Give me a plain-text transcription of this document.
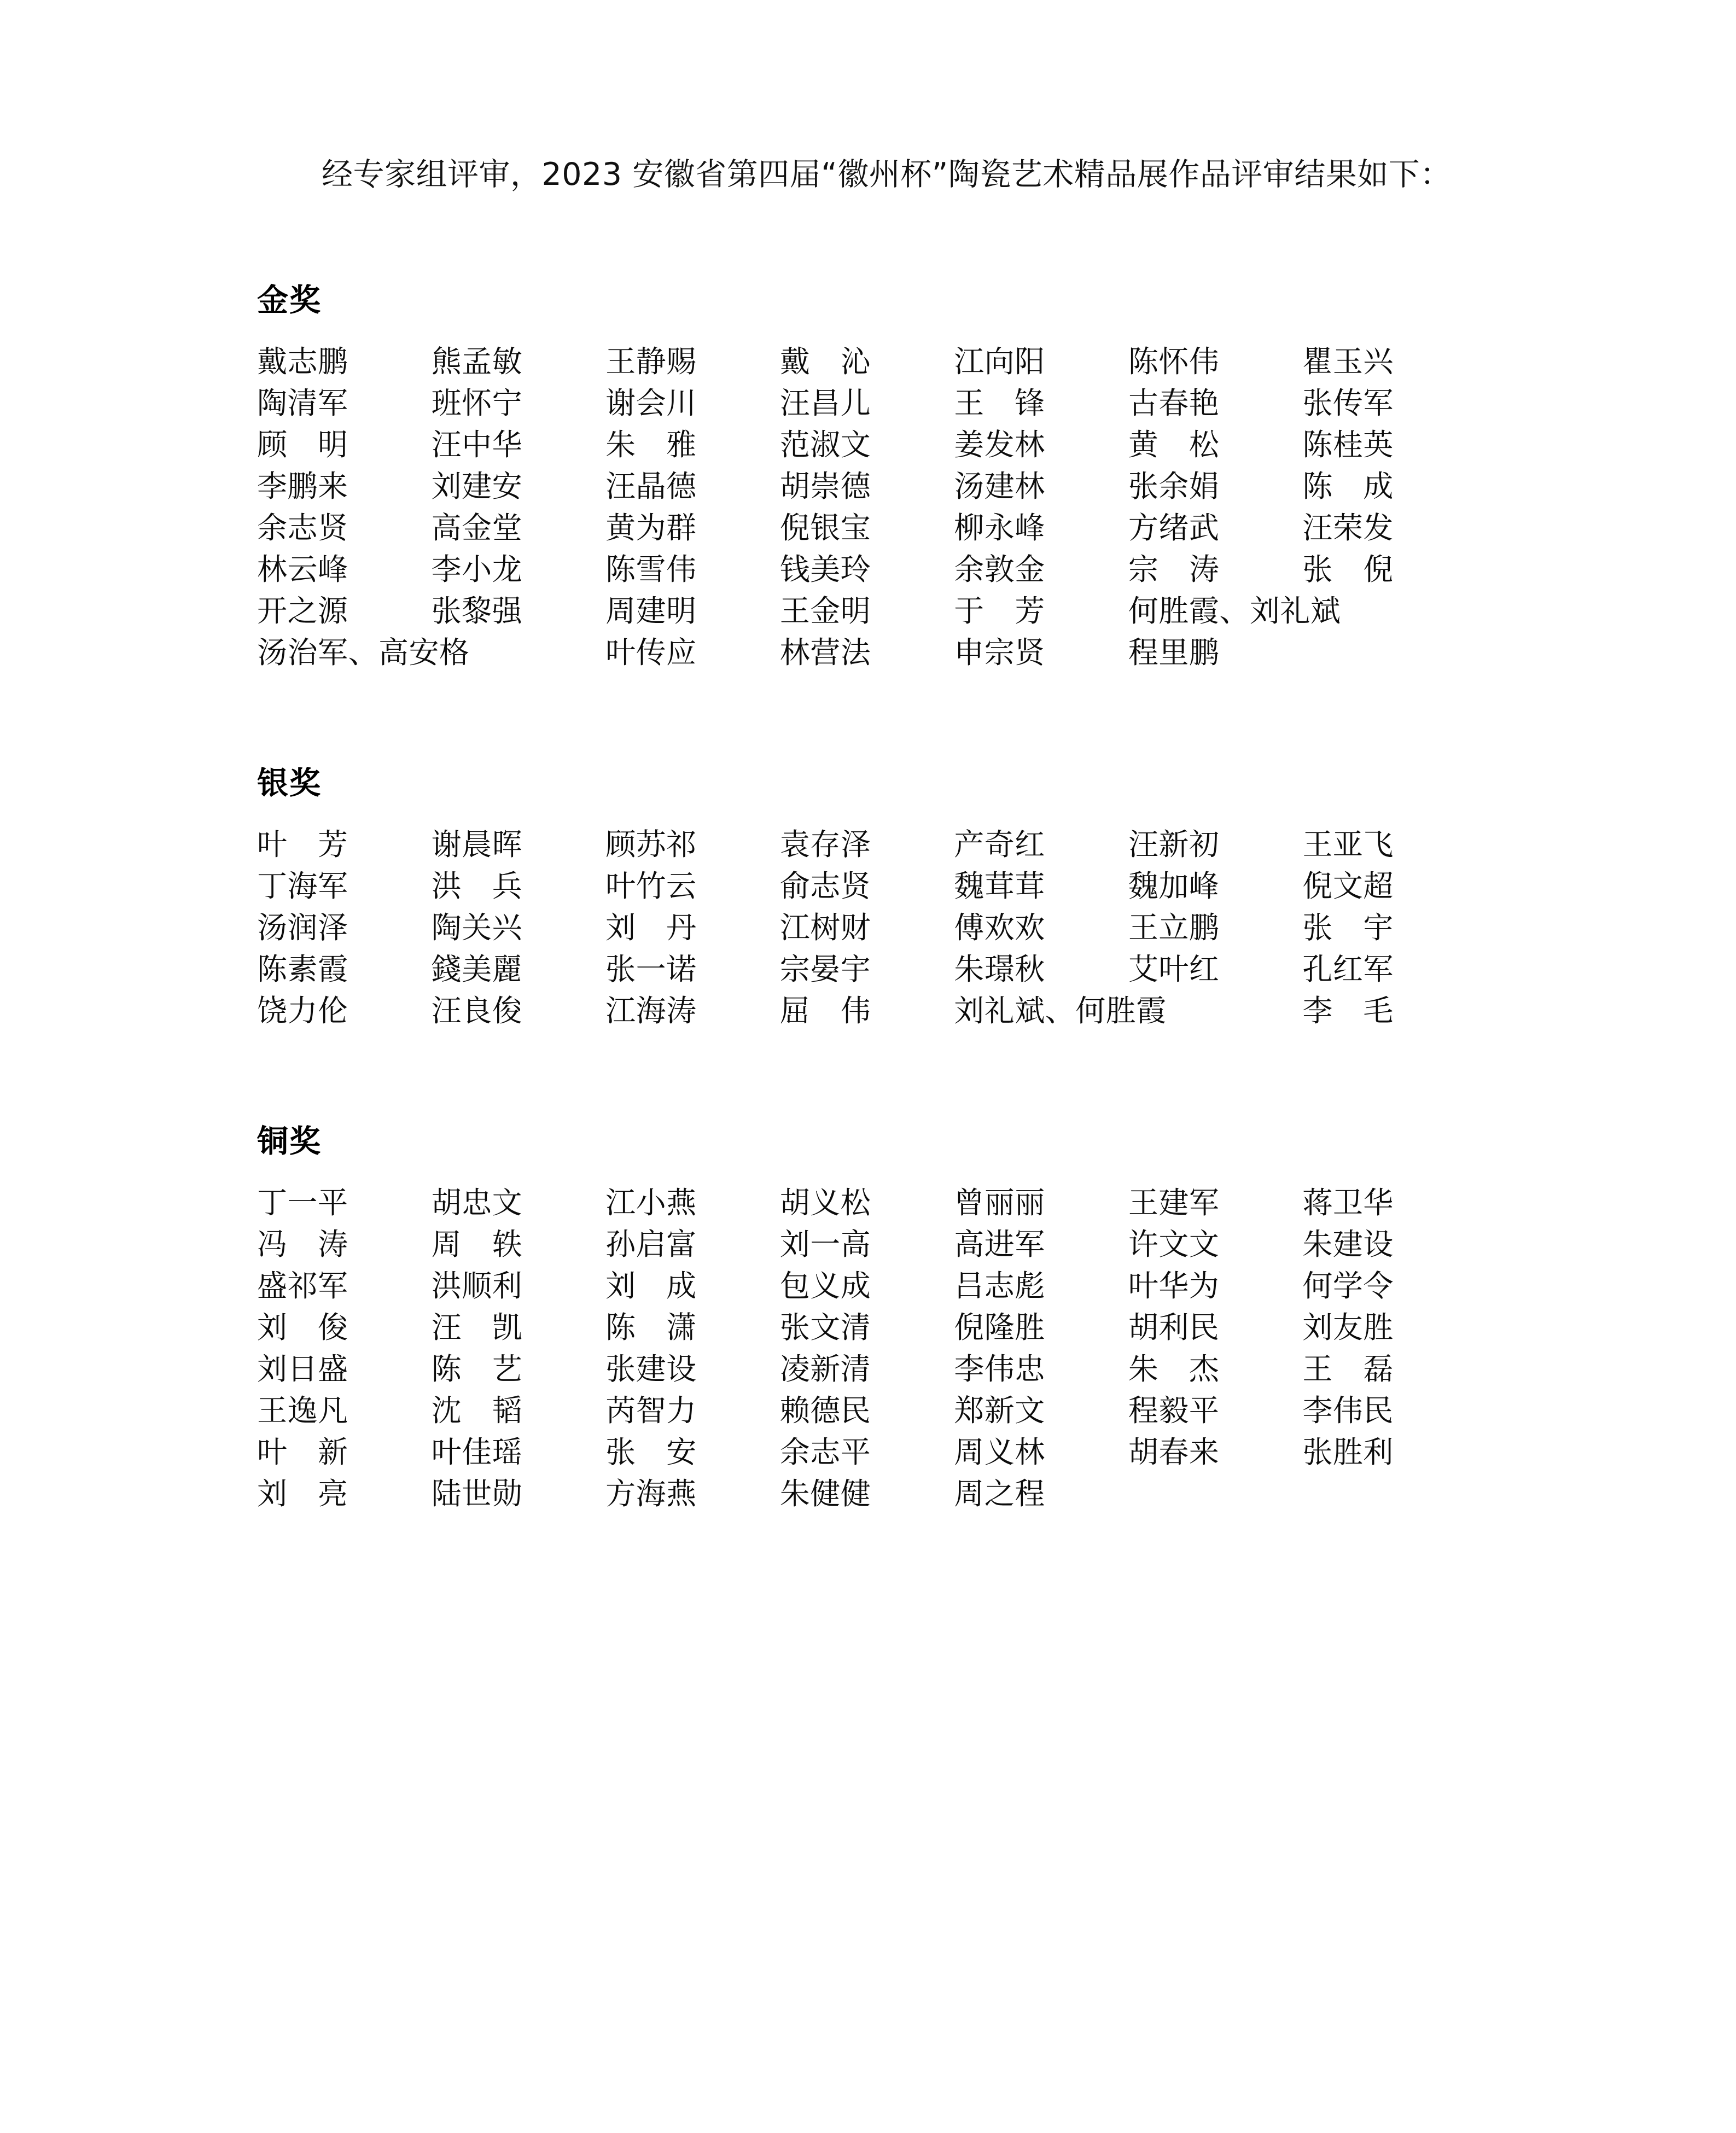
经专家组评审，2023 安徽省第四届“徽州杯”陶瓷艺术精品展作品评审结果如下：

金奖
戴志鹏	熊孟敏	王静赐	戴　沁	江向阳	陈怀伟	瞿玉兴
陶清军	班怀宁	谢会川	汪昌儿	王　锋	古春艳	张传军
顾　明	汪中华	朱　雅	范淑文	姜发林	黄　松	陈桂英
李鹏来	刘建安	汪晶德	胡崇德	汤建林	张余娟	陈　成
余志贤	高金堂	黄为群	倪银宝	柳永峰	方绪武	汪荣发
林云峰	李小龙	陈雪伟	钱美玲	余敦金	宗　涛	张　倪
开之源	张黎强	周建明	王金明	于　芳	何胜霞、刘礼斌
汤治军、高安格	叶传应	林营法	申宗贤	程里鹏
银奖
叶　芳	谢晨晖	顾苏祁	袁存泽	产奇红	汪新初	王亚飞
丁海军	洪　兵	叶竹云	俞志贤	魏茸茸	魏加峰	倪文超
汤润泽	陶关兴	刘　丹	江树财	傅欢欢	王立鹏	张　宇
陈素霞	錢美麗	张一诺	宗晏宇	朱璟秋	艾叶红	孔红军
饶力伦	汪良俊	江海涛	屈　伟	刘礼斌、何胜霞	李　毛
铜奖
丁一平	胡忠文	江小燕	胡义松	曾丽丽	王建军	蒋卫华
冯　涛	周　轶	孙启富	刘一高	高进军	许文文	朱建设
盛祁军	洪顺利	刘　成	包义成	吕志彪	叶华为	何学令
刘　俊	汪　凯	陈　潇	张文清	倪隆胜	胡利民	刘友胜
刘日盛	陈　艺	张建设	凌新清	李伟忠	朱　杰	王　磊
王逸凡	沈　韬	芮智力	赖德民	郑新文	程毅平	李伟民
叶　新	叶佳瑶	张　安	余志平	周义林	胡春来	张胜利
刘　亮	陆世勋	方海燕	朱健健	周之程
